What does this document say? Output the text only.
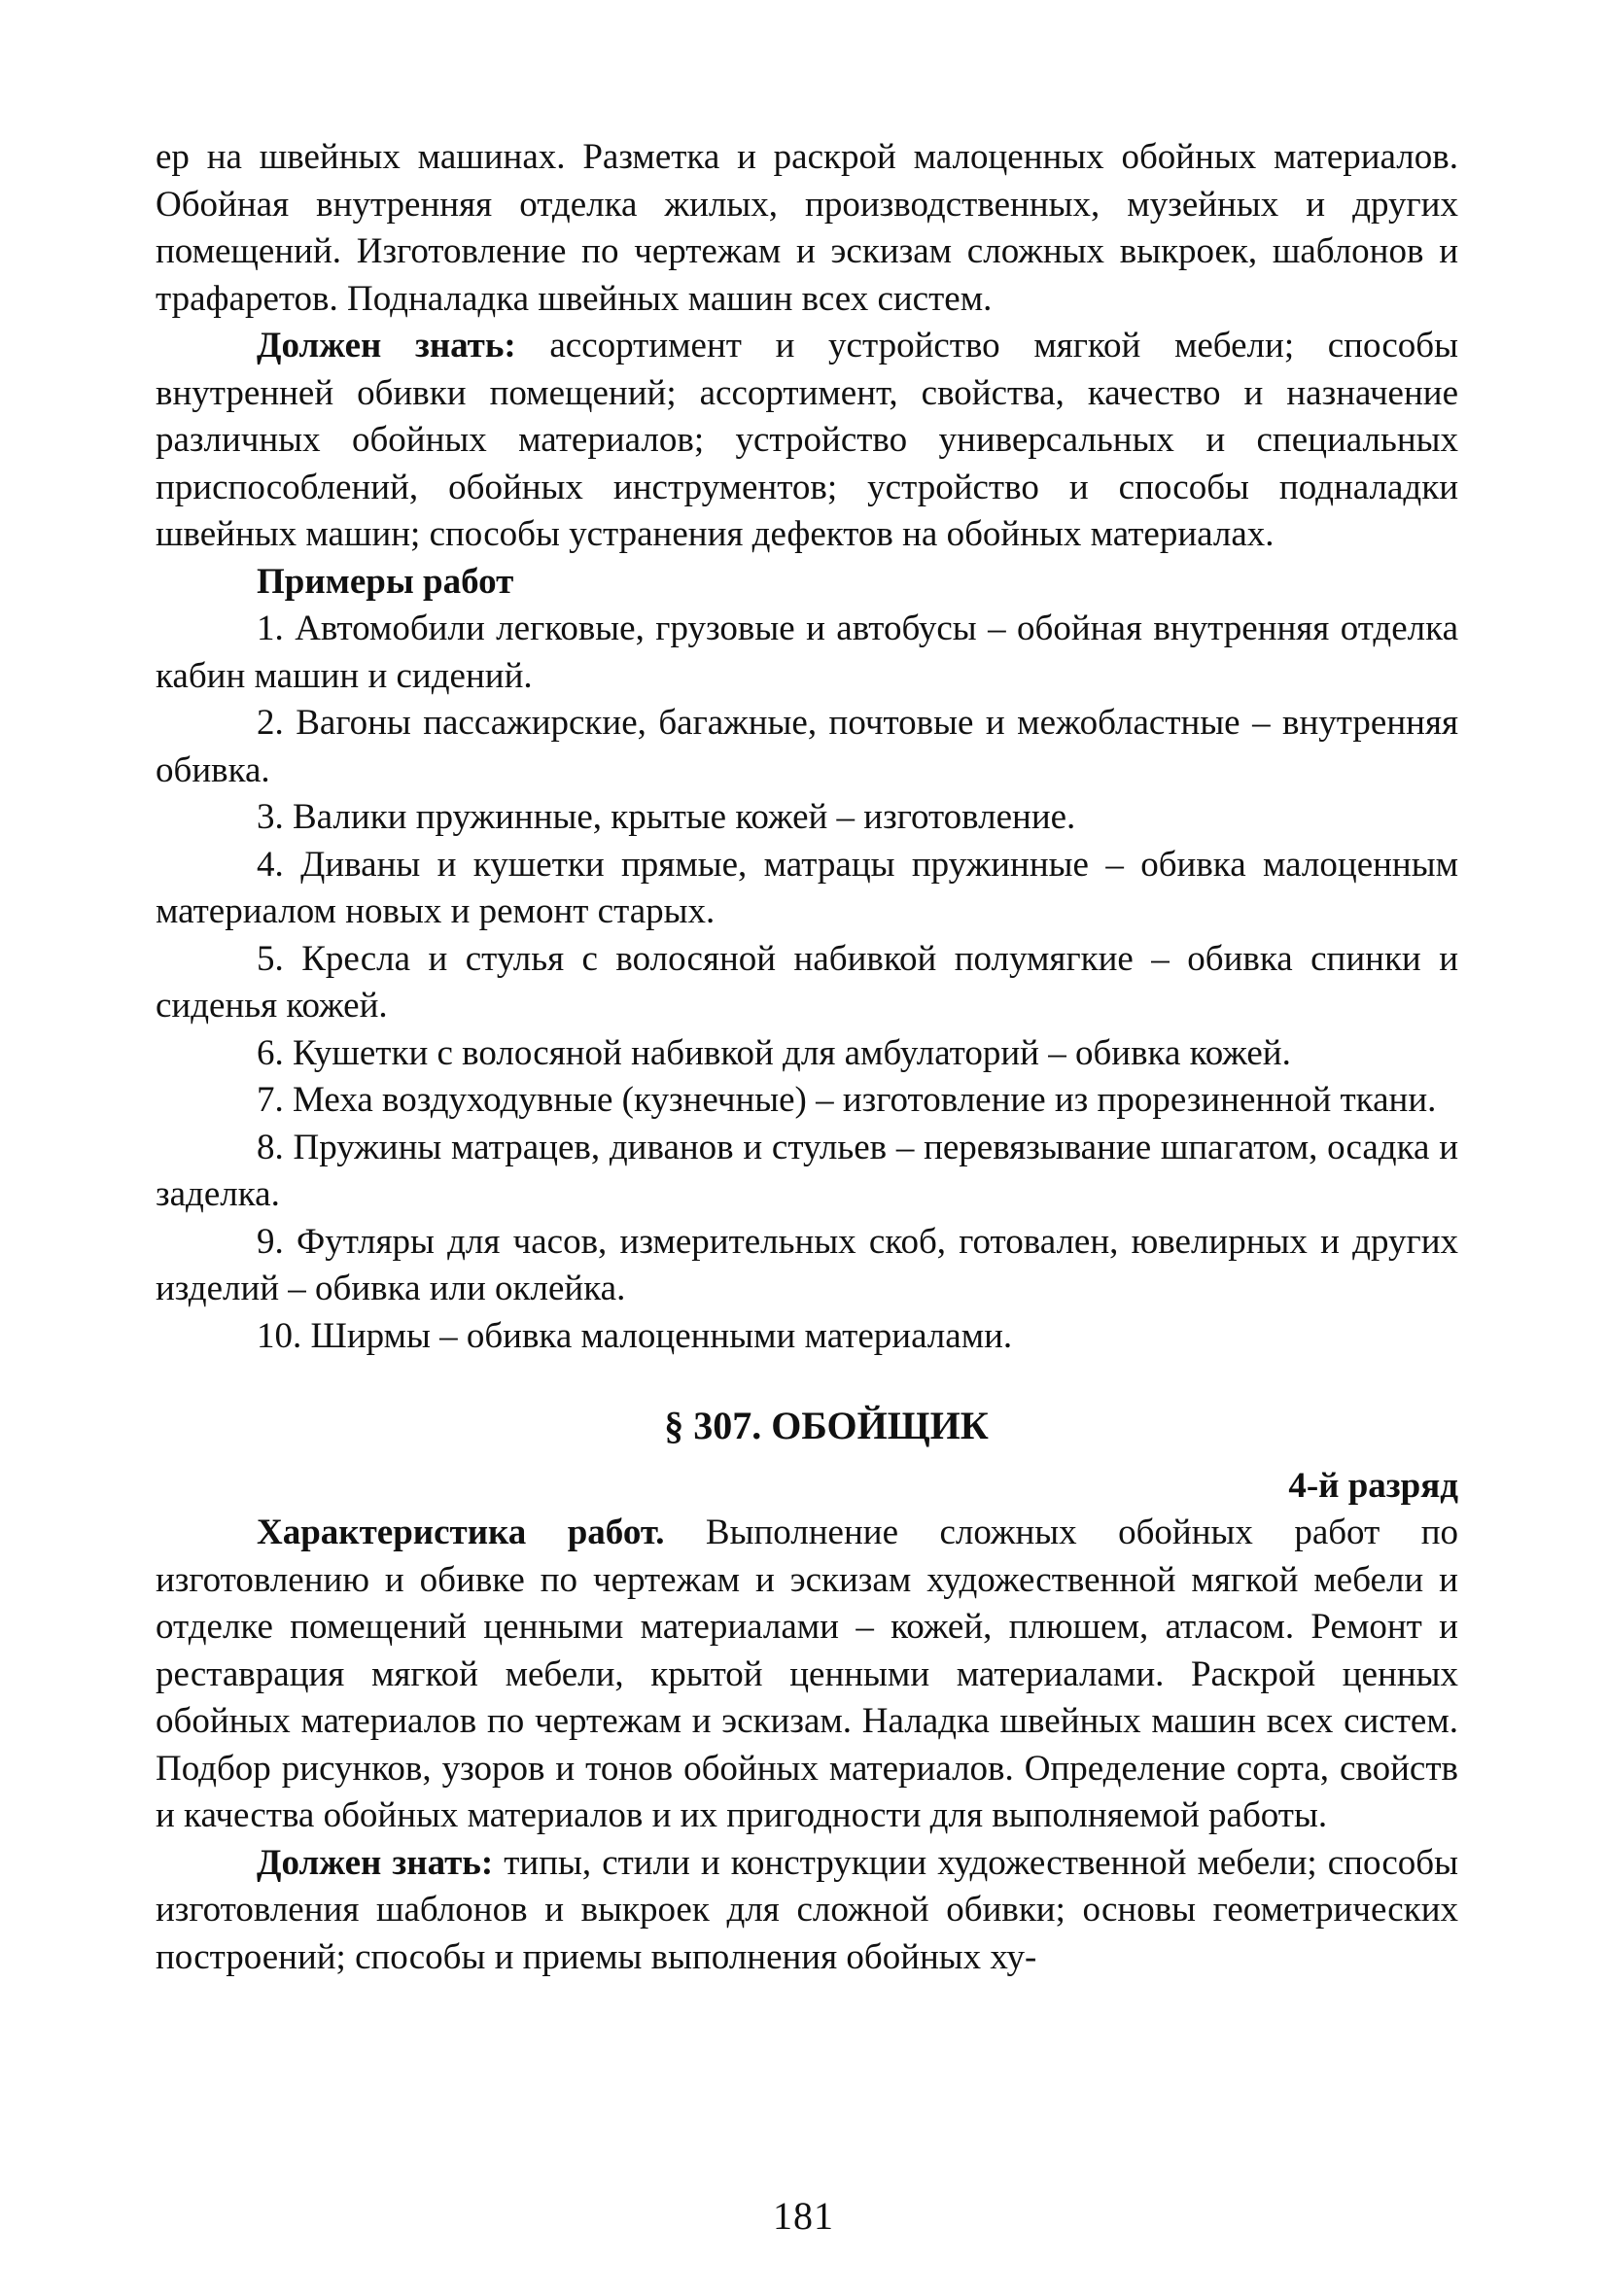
ер на швейных машинах. Разметка и раскрой малоценных обойных материалов. Обойная внутренняя отделка жилых, производственных, музейных и других помещений. Изготовление по чертежам и эскизам сложных выкроек, шаблонов и трафаретов. Подналадка швейных машин всех систем.

Должен знать: ассортимент и устройство мягкой мебели; способы внутренней обивки помещений; ассортимент, свойства, качество и назначение различных обойных материалов; устройство универсальных и специальных приспособлений, обойных инструментов; устройство и способы подналадки швейных машин; способы устранения дефектов на обойных материалах.

Примеры работ

1. Автомобили легковые, грузовые и автобусы – обойная внутренняя отделка кабин машин и сидений.

2. Вагоны пассажирские, багажные, почтовые и межобластные – внутренняя обивка.

3. Валики пружинные, крытые кожей – изготовление.

4. Диваны и кушетки прямые, матрацы пружинные – обивка малоценным материалом новых и ремонт старых.

5. Кресла и стулья с волосяной набивкой полумягкие – обивка спинки и сиденья кожей.

6. Кушетки с волосяной набивкой для амбулаторий – обивка кожей.

7. Меха воздуходувные (кузнечные) – изготовление из прорезиненной ткани.

8. Пружины матрацев, диванов и стульев – перевязывание шпагатом, осадка и заделка.

9. Футляры для часов, измерительных скоб, готовален, ювелирных и других изделий – обивка или оклейка.

10. Ширмы – обивка малоценными материалами.

§ 307. ОБОЙЩИК
4-й разряд

Характеристика работ. Выполнение сложных обойных работ по изготовлению и обивке по чертежам и эскизам художественной мягкой мебели и отделке помещений ценными материалами – кожей, плюшем, атласом. Ремонт и реставрация мягкой мебели, крытой ценными материалами. Раскрой ценных обойных материалов по чертежам и эскизам. Наладка швейных машин всех систем. Подбор рисунков, узоров и тонов обойных материалов. Определение сорта, свойств и качества обойных материалов и их пригодности для выполняемой работы.

Должен знать: типы, стили и конструкции художественной мебели; способы изготовления шаблонов и выкроек для сложной обивки; основы геометрических построений; способы и приемы выполнения обойных ху-

181
